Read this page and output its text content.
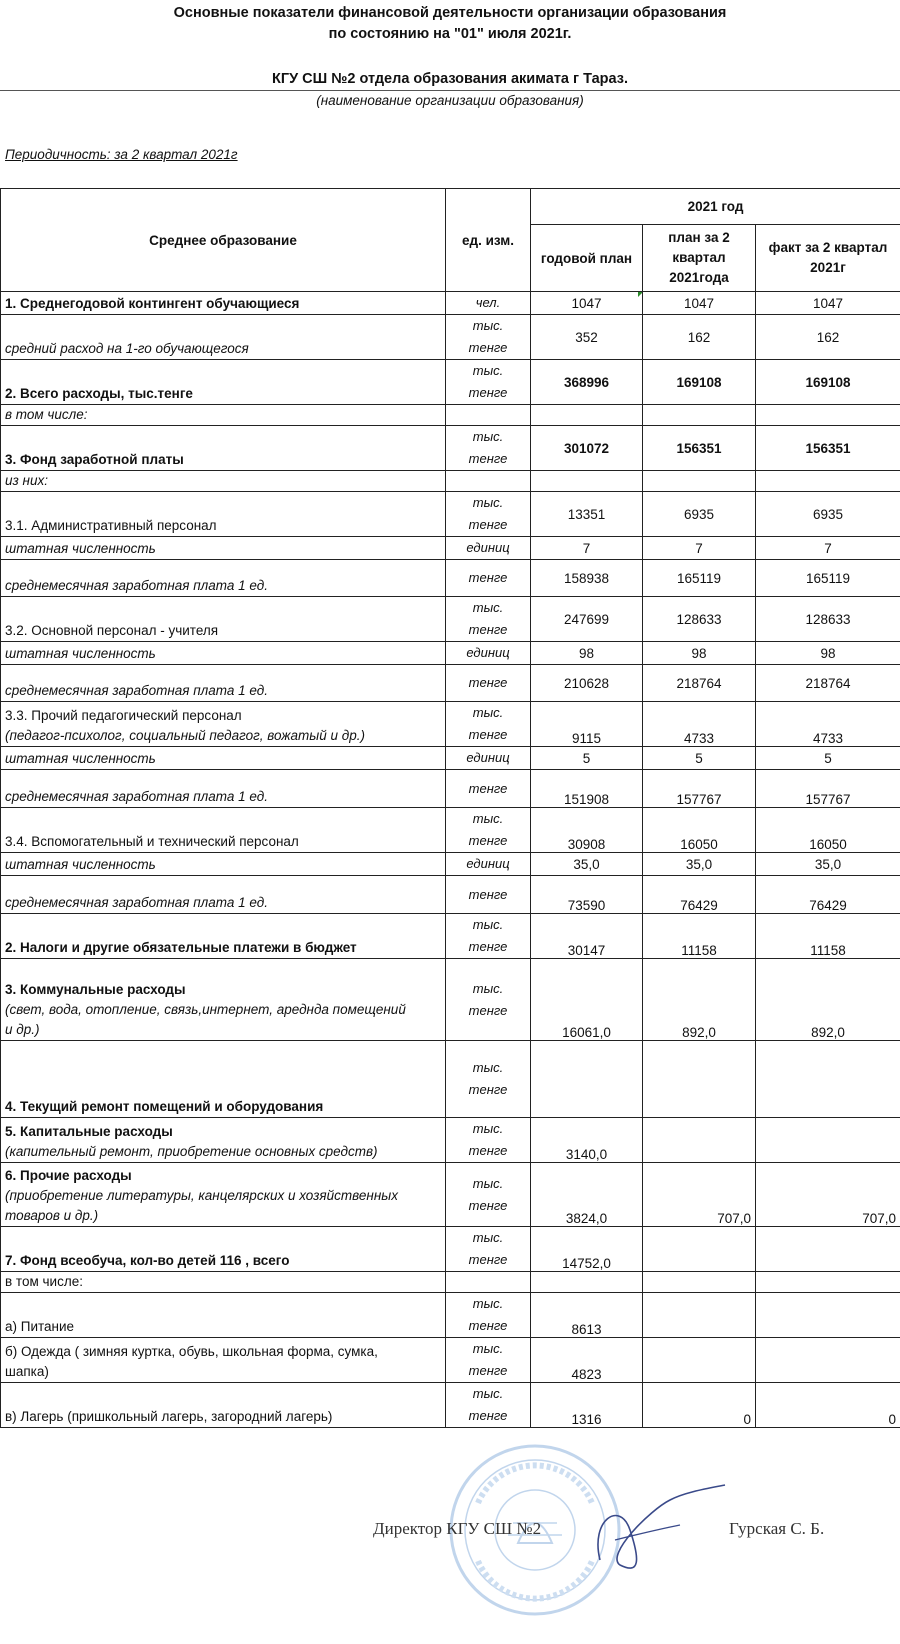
Основные показатели финансовой деятельности организации образования
по состоянию на "01" июля 2021г.
КГУ СШ №2 отдела образования акимата г Тараз.
(наименование организации образования)
Периодичность: за 2 квартал 2021г
Среднее образование	ед. изм.	2021 год		
		годовой план	план за 2
квартал
2021года	факт за 2 квартал
2021г

1. Среднегодовой контингент обучающиеся	чел.	1047	1047	1047

средний расход на 1-го обучающегося	тыс.
тенге	352	162	162

2. Всего расходы, тыс.тенге	тыс.
тенге	368996	169108	169108

в том числе:				

3. Фонд заработной платы	тыс.
тенге	301072	156351	156351

из них:				

3.1. Административный персонал	тыс.
тенге	13351	6935	6935

штатная численность	единиц	7	7	7

среднемесячная заработная плата 1 ед.	тенге	158938	165119	165119

3.2. Основной персонал - учителя	тыс.
тенге	247699	128633	128633

штатная численность	единиц	98	98	98

среднемесячная заработная плата 1 ед.	тенге	210628	218764	218764

3.3. Прочий педагогический персонал
(педагог-психолог, социальный педагог, вожатый и др.)	тыс.
тенге	9115	4733	4733

штатная численность	единиц	5	5	5

среднемесячная заработная плата 1 ед.	тенге	151908	157767	157767

3.4. Вспомогательный и технический персонал	тыс.
тенге	30908	16050	16050

штатная численность	единиц	35,0	35,0	35,0

среднемесячная заработная плата 1 ед.	тенге	73590	76429	76429

2. Налоги и другие обязательные платежи в бюджет	тыс.
тенге	30147	11158	11158

3. Коммунальные расходы
(свет, вода, отопление, связь,интернет, ареднда помещений
и др.)	тыс.
тенге	16061,0	892,0	892,0

4. Текущий ремонт помещений и оборудования	тыс.
тенге			

5. Капитальные расходы
(капительный ремонт, приобретение основных средств)	тыс.
тенге	3140,0		

6. Прочие расходы
(приобретение литературы, канцелярских и хозяйственных
товаров и др.)	тыс.
тенге	3824,0	707,0	707,0

7. Фонд всеобуча, кол-во детей 116 , всего	тыс.
тенге	14752,0		

в том числе:				

а) Питание	тыс.
тенге	8613		

б) Одежда ( зимняя куртка, обувь, школьная форма, сумка,
шапка)	тыс.
тенге	4823		

в) Лагерь (пришкольный лагерь, загородний лагерь)	тыс.
тенге	1316	0	0
Директор КГУ СШ №2	Гурская С. Б.
